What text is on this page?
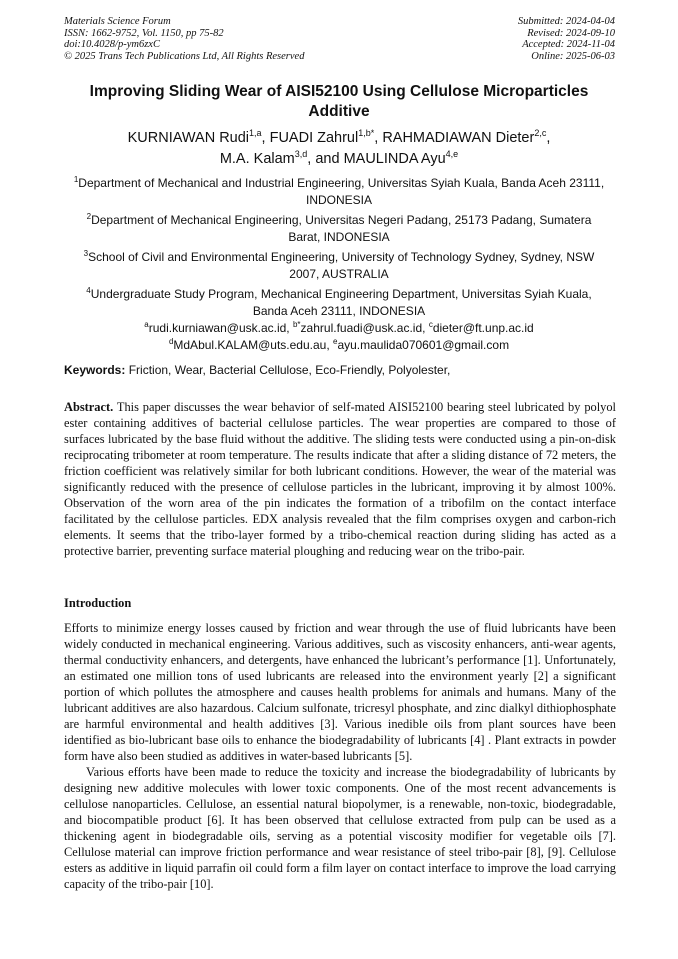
Materials Science Forum
ISSN: 1662-9752, Vol. 1150, pp 75-82
doi:10.4028/p-ym6zxC
© 2025 Trans Tech Publications Ltd, All Rights Reserved
Submitted: 2024-04-04
Revised: 2024-09-10
Accepted: 2024-11-04
Online: 2025-06-03
Improving Sliding Wear of AISI52100 Using Cellulose Microparticles Additive
KURNIAWAN Rudi$^{1,a}$, FUADI Zahrul$^{1,b*}$, RAHMADIAWAN Dieter$^{2,c}$,
M.A. Kalam$^{3,d}$, and MAULINDA Ayu$^{4,e}$
$^1$Department of Mechanical and Industrial Engineering, Universitas Syiah Kuala, Banda Aceh 23111, INDONESIA
$^2$Department of Mechanical Engineering, Universitas Negeri Padang, 25173 Padang, Sumatera Barat, INDONESIA
$^3$School of Civil and Environmental Engineering, University of Technology Sydney, Sydney, NSW 2007, AUSTRALIA
$^4$Undergraduate Study Program, Mechanical Engineering Department, Universitas Syiah Kuala, Banda Aceh 23111, INDONESIA
$^a$rudi.kurniawan@usk.ac.id, $^{b*}$zahrul.fuadi@usk.ac.id, $^c$dieter@ft.unp.ac.id
$^d$MdAbul.KALAM@uts.edu.au, $^e$ayu.maulida070601@gmail.com
Keywords: Friction, Wear, Bacterial Cellulose, Eco-Friendly, Polyolester,

Abstract. This paper discusses the wear behavior of self-mated AISI52100 bearing steel lubricated by polyol ester containing additives of bacterial cellulose particles. The wear properties are compared to those of surfaces lubricated by the base fluid without the additive. The sliding tests were conducted using a pin-on-disk reciprocating tribometer at room temperature. The results indicate that after a sliding distance of 72 meters, the friction coefficient was relatively similar for both lubricant conditions. However, the wear of the material was significantly reduced with the presence of cellulose particles in the lubricant, improving it by almost 100%. Observation of the worn area of the pin indicates the formation of a tribofilm on the contact interface facilitated by the cellulose particles. EDX analysis revealed that the film comprises oxygen and carbon-rich elements. It seems that the tribo-layer formed by a tribo-chemical reaction during sliding has acted as a protective barrier, preventing surface material ploughing and reducing wear on the tribo-pair.

Introduction

Efforts to minimize energy losses caused by friction and wear through the use of fluid lubricants have been widely conducted in mechanical engineering. Various additives, such as viscosity enhancers, anti-wear agents, thermal conductivity enhancers, and detergents, have enhanced the lubricant’s performance [1]. Unfortunately, an estimated one million tons of used lubricants are released into the environment yearly [2] a significant portion of which pollutes the atmosphere and causes health problems for animals and humans. Many of the lubricant additives are also hazardous. Calcium sulfonate, tricresyl phosphate, and zinc dialkyl dithiophosphate are harmful environmental and health additives [3]. Various inedible oils from plant sources have been identified as bio-lubricant base oils to enhance the biodegradability of lubricants [4] . Plant extracts in powder form have also been studied as additives in water-based lubricants [5].

Various efforts have been made to reduce the toxicity and increase the biodegradability of lubricants by designing new additive molecules with lower toxic components. One of the most recent advancements is cellulose nanoparticles. Cellulose, an essential natural biopolymer, is a renewable, non-toxic, biodegradable, and biocompatible product [6]. It has been observed that cellulose extracted from pulp can be used as a thickening agent in biodegradable oils, serving as a potential viscosity modifier for vegetable oils [7]. Cellulose material can improve friction performance and wear resistance of steel tribo-pair [8], [9]. Cellulose esters as additive in liquid parrafin oil could form a film layer on contact interface to improve the load carrying capacity of the tribo-pair [10].
